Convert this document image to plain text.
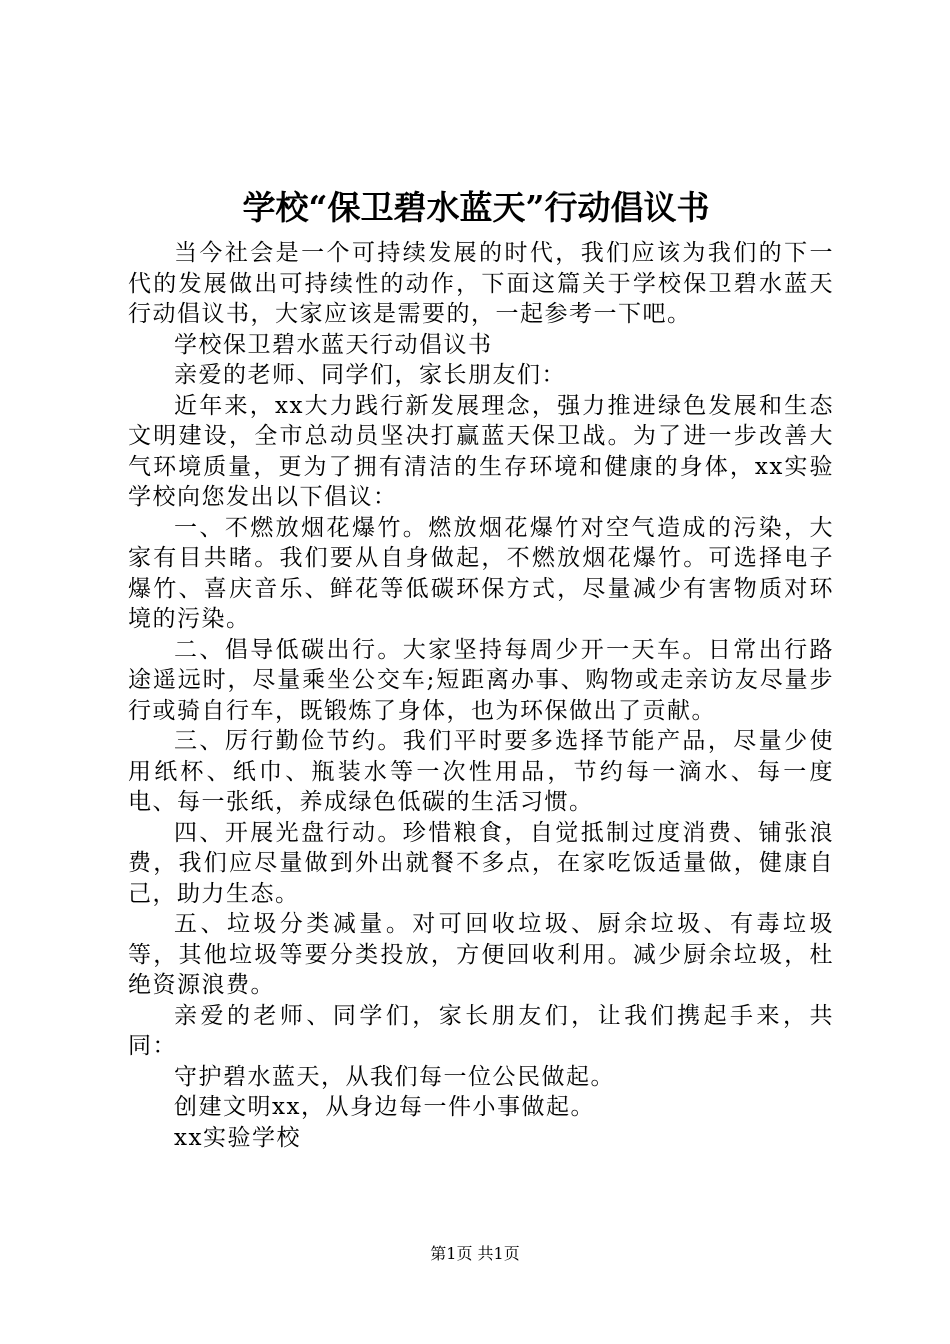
学校“保卫碧水蓝天”行动倡议书

当今社会是一个可持续发展的时代，我们应该为我们的下一代的发展做出可持续性的动作，下面这篇关于学校保卫碧水蓝天行动倡议书，大家应该是需要的，一起参考一下吧。

学校保卫碧水蓝天行动倡议书

亲爱的老师、同学们，家长朋友们：

近年来，xx大力践行新发展理念，强力推进绿色发展和生态文明建设，全市总动员坚决打赢蓝天保卫战。为了进一步改善大气环境质量，更为了拥有清洁的生存环境和健康的身体，xx实验学校向您发出以下倡议：

一、不燃放烟花爆竹。燃放烟花爆竹对空气造成的污染，大家有目共睹。我们要从自身做起，不燃放烟花爆竹。可选择电子爆竹、喜庆音乐、鲜花等低碳环保方式，尽量减少有害物质对环境的污染。

二、倡导低碳出行。大家坚持每周少开一天车。日常出行路途遥远时，尽量乘坐公交车;短距离办事、购物或走亲访友尽量步行或骑自行车，既锻炼了身体，也为环保做出了贡献。

三、厉行勤俭节约。我们平时要多选择节能产品，尽量少使用纸杯、纸巾、瓶装水等一次性用品，节约每一滴水、每一度电、每一张纸，养成绿色低碳的生活习惯。

四、开展光盘行动。珍惜粮食，自觉抵制过度消费、铺张浪费，我们应尽量做到外出就餐不多点，在家吃饭适量做，健康自己，助力生态。

五、垃圾分类减量。对可回收垃圾、厨余垃圾、有毒垃圾等，其他垃圾等要分类投放，方便回收利用。减少厨余垃圾，杜绝资源浪费。

亲爱的老师、同学们，家长朋友们，让我们携起手来，共同：

守护碧水蓝天，从我们每一位公民做起。

创建文明xx，从身边每一件小事做起。

xx实验学校

第1页 共1页
